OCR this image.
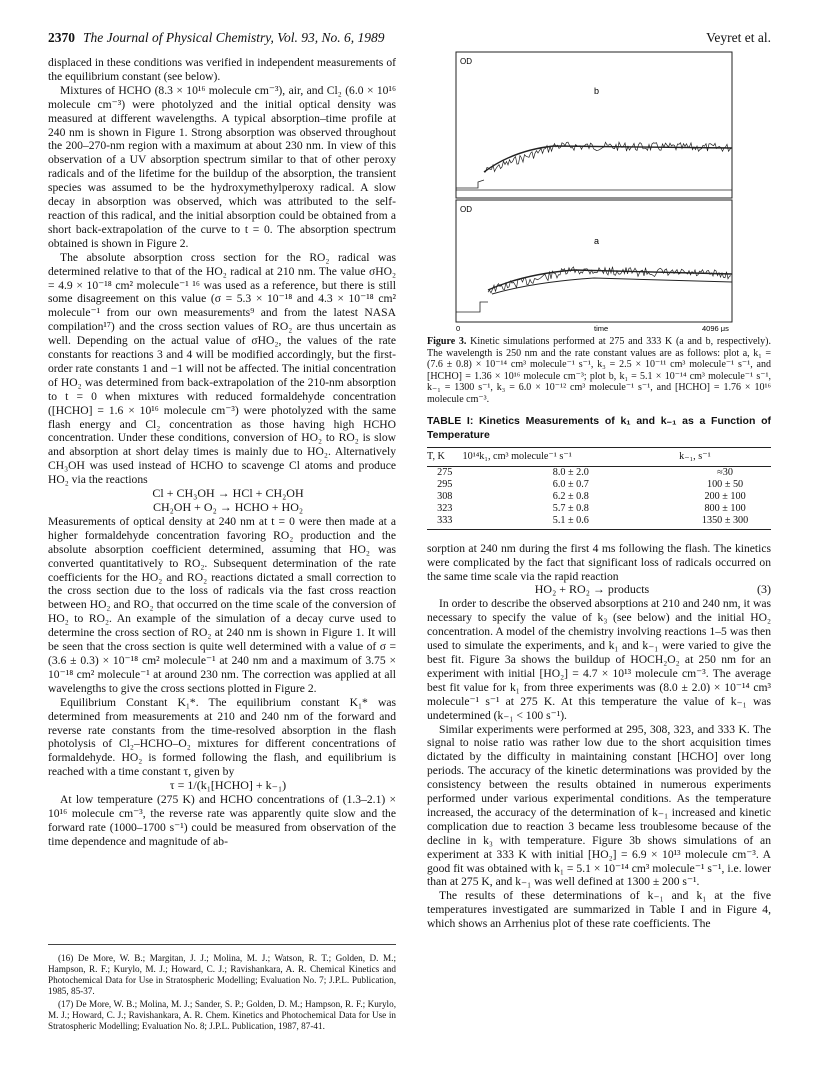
2370 The Journal of Physical Chemistry, Vol. 93, No. 6, 1989	Veyret et al.

displaced in these conditions was verified in independent measurements of the equilibrium constant (see below).

Mixtures of HCHO (8.3 × 10¹⁶ molecule cm⁻³), air, and Cl₂ (6.0 × 10¹⁶ molecule cm⁻³) were photolyzed and the initial optical density was measured at different wavelengths. A typical absorption–time profile at 240 nm is shown in Figure 1. Strong absorption was observed throughout the 200–270-nm region with a maximum at about 230 nm. In view of this observation of a UV absorption spectrum similar to that of other peroxy radicals and of the lifetime for the buildup of the absorption, the transient species was assumed to be the hydroxymethylperoxy radical. A slow decay in absorption was observed, which was attributed to the self-reaction of this radical, and the initial absorption could be obtained from a short back-extrapolation of the curve to t = 0. The absorption spectrum obtained is shown in Figure 2.

The absolute absorption cross section for the RO₂ radical was determined relative to that of the HO₂ radical at 210 nm. The value σHO₂ = 4.9 × 10⁻¹⁸ cm² molecule⁻¹ ¹⁶ was used as a reference, but there is still some disagreement on this value (σ = 5.3 × 10⁻¹⁸ and 4.3 × 10⁻¹⁸ cm² molecule⁻¹ from our own measurements⁹ and from the latest NASA compilation¹⁷) and the cross section values of RO₂ are thus uncertain as well. Depending on the actual value of σHO₂, the values of the rate constants for reactions 3 and 4 will be modified accordingly, but the first-order rate constants 1 and −1 will not be affected. The initial concentration of HO₂ was determined from back-extrapolation of the 210-nm absorption to t = 0 when mixtures with reduced formaldehyde concentration ([HCHO] = 1.6 × 10¹⁶ molecule cm⁻³) were photolyzed with the same flash energy and Cl₂ concentration as those having high HCHO concentration. Under these conditions, conversion of HO₂ to RO₂ is slow and absorption at short delay times is mainly due to HO₂. Alternatively CH₃OH was used instead of HCHO to scavenge Cl atoms and produce HO₂ via the reactions

Cl + CH₃OH → HCl + CH₂OH

CH₂OH + O₂ → HCHO + HO₂

Measurements of optical density at 240 nm at t = 0 were then made at a higher formaldehyde concentration favoring RO₂ production and the absolute absorption coefficient determined, assuming that HO₂ was converted quantitatively to RO₂. Subsequent determination of the rate coefficients for the HO₂ and RO₂ reactions dictated a small correction to the cross section due to the loss of radicals via the fast cross reaction between HO₂ and RO₂ that occurred on the time scale of the conversion of HO₂ to RO₂. An example of the simulation of a decay curve used to determine the cross section of RO₂ at 240 nm is shown in Figure 1. It will be seen that the cross section is quite well determined with a value of σ = (3.6 ± 0.3) × 10⁻¹⁸ cm² molecule⁻¹ at 240 nm and a maximum of 3.75 × 10⁻¹⁸ cm² molecule⁻¹ at around 230 nm. The correction was applied at all wavelengths to give the cross sections plotted in Figure 2.

Equilibrium Constant K₁*. The equilibrium constant K₁* was determined from measurements at 210 and 240 nm of the forward and reverse rate constants from the time-resolved absorption in the flash photolysis of Cl₂–HCHO–O₂ mixtures for different concentrations of formaldehyde. HO₂ is formed following the flash, and equilibrium is reached with a time constant τ, given by

τ = 1/(k₁[HCHO] + k₋₁)

At low temperature (275 K) and HCHO concentrations of (1.3–2.1) × 10¹⁶ molecule cm⁻³, the reverse rate was apparently quite slow and the forward rate (1000–1700 s⁻¹) could be measured from observation of the time dependence and magnitude of ab-

(16) De More, W. B.; Margitan, J. J.; Molina, M. J.; Watson, R. T.; Golden, D. M.; Hampson, R. F.; Kurylo, M. J.; Howard, C. J.; Ravishankara, A. R. Chemical Kinetics and Photochemical Data for Use in Stratospheric Modelling; Evaluation No. 7; J.P.L. Publication, 1985, 85-37.

(17) De More, W. B.; Molina, M. J.; Sander, S. P.; Golden, D. M.; Hampson, R. F.; Kurylo, M. J.; Howard, C. J.; Ravishankara, A. R. Chem. Kinetics and Photochemical Data for Use in Stratospheric Modelling; Evaluation No. 8; J.P.L. Publication, 1987, 87-41.

OD
b
OD
a
0	time	4096 μs
Figure 3. Kinetic simulations performed at 275 and 333 K (a and b, respectively). The wavelength is 250 nm and the rate constant values are as follows: plot a, k₁ = (7.6 ± 0.8) × 10⁻¹⁴ cm³ molecule⁻¹ s⁻¹, k₃ = 2.5 × 10⁻¹¹ cm³ molecule⁻¹ s⁻¹, and [HCHO] = 1.36 × 10¹⁶ molecule cm⁻³; plot b, k₁ = 5.1 × 10⁻¹⁴ cm³ molecule⁻¹ s⁻¹, k₋₁ = 1300 s⁻¹, k₃ = 6.0 × 10⁻¹² cm³ molecule⁻¹ s⁻¹, and [HCHO] = 1.76 × 10¹⁶ molecule cm⁻³.
TABLE I: Kinetics Measurements of k₁ and k₋₁ as a Function of Temperature
T, K	10¹⁴k₁, cm³ molecule⁻¹ s⁻¹	k₋₁, s⁻¹
275	8.0 ± 2.0	≈30
295	6.0 ± 0.7	100 ± 50
308	6.2 ± 0.8	200 ± 100
323	5.7 ± 0.8	800 ± 100
333	5.1 ± 0.6	1350 ± 300

sorption at 240 nm during the first 4 ms following the flash. The kinetics were complicated by the fact that significant loss of radicals occurred on the same time scale via the rapid reaction

HO₂ + RO₂ → products	(3)

In order to describe the observed absorptions at 210 and 240 nm, it was necessary to specify the value of k₃ (see below) and the initial HO₂ concentration. A model of the chemistry involving reactions 1–5 was then used to simulate the experiments, and k₁ and k₋₁ were varied to give the best fit. Figure 3a shows the buildup of HOCH₂O₂ at 250 nm for an experiment with initial [HO₂] = 4.7 × 10¹³ molecule cm⁻³. The average best fit value for k₁ from three experiments was (8.0 ± 2.0) × 10⁻¹⁴ cm³ molecule⁻¹ s⁻¹ at 275 K. At this temperature the value of k₋₁ was undetermined (k₋₁ < 100 s⁻¹).

Similar experiments were performed at 295, 308, 323, and 333 K. The signal to noise ratio was rather low due to the short acquisition times dictated by the difficulty in maintaining constant [HCHO] over long periods. The accuracy of the kinetic determinations was provided by the consistency between the results obtained in numerous experiments performed under various experimental conditions. As the temperature increased, the accuracy of the determination of k₋₁ increased and kinetic complication due to reaction 3 became less troublesome because of the decline in k₃ with temperature. Figure 3b shows simulations of an experiment at 333 K with initial [HO₂] = 6.9 × 10¹³ molecule cm⁻³. A good fit was obtained with k₁ = 5.1 × 10⁻¹⁴ cm³ molecule⁻¹ s⁻¹, i.e. lower than at 275 K, and k₋₁ was well defined at 1300 ± 200 s⁻¹.

The results of these determinations of k₋₁ and k₁ at the five temperatures investigated are summarized in Table I and in Figure 4, which shows an Arrhenius plot of these rate coefficients. The
